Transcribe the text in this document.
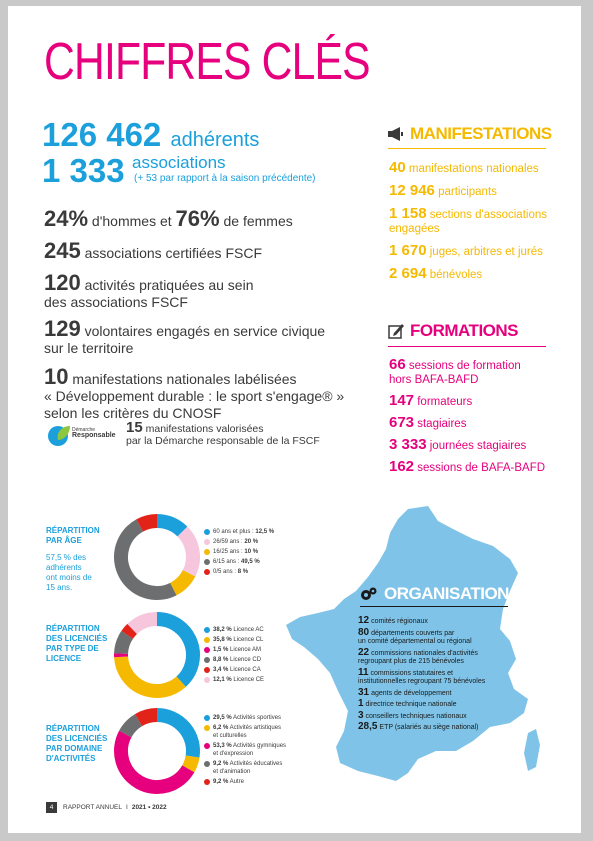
CHIFFRES CLÉS
126 462 adhérents
1 333 associations
(+ 53 par rapport à la saison précédente)
24% d'hommes et 76% de femmes
245 associations certifiées FSCF
120 activités pratiquées au sein
des associations FSCF
129 volontaires engagés en service civique
sur le territoire
10 manifestations nationales labélisées
« Développement durable : le sport s'engage® »
selon les critères du CNOSF
Démarche
Responsable 15 manifestations valorisées
par la Démarche responsable de la FSCF
MANIFESTATIONS
40 manifestations nationales
12 946 participants
1 158 sections d'associations
engagées
1 670 juges, arbitres et jurés
2 694 bénévoles
FORMATIONS
66 sessions de formation
hors BAFA-BAFD
147 formateurs
673 stagiaires
3 333 journées stagiaires
162 sessions de BAFA-BAFD
ORGANISATION
12 comités régionaux
80 départements couverts par
un comité départemental ou régional
22 commissions nationales d'activités
regroupant plus de 215 bénévoles
11 commissions statutaires et
institutionnelles regroupant 75 bénévoles
31 agents de développement
1 directrice technique nationale
3 conseillers techniques nationaux
28,5 ETP (salariés au siège national)
RÉPARTITION
PAR ÂGE
57,5 % des
adhérents
ont moins de
15 ans.
60 ans et plus : 12,5 %
26/59 ans : 20 %
16/25 ans : 10 %
6/15 ans : 49,5 %
0/5 ans : 8 %
RÉPARTITION
DES LICENCIÉS
PAR TYPE DE
LICENCE
38,2 % Licence AC
35,8 % Licence CL
1,5 % Licence AM
8,8 % Licence CD
3,4 % Licence CA
12,1 % Licence CE
RÉPARTITION
DES LICENCIÉS
PAR DOMAINE
D'ACTIVITÉS
29,5 % Activités sportives
6,2 % Activités artistiques
et culturelles
53,3 % Activités gymniques
et d'expression
9,2 % Activités éducatives
et d'animation
9,2 % Autre
4	RAPPORT ANNUEL I 2021 • 2022
